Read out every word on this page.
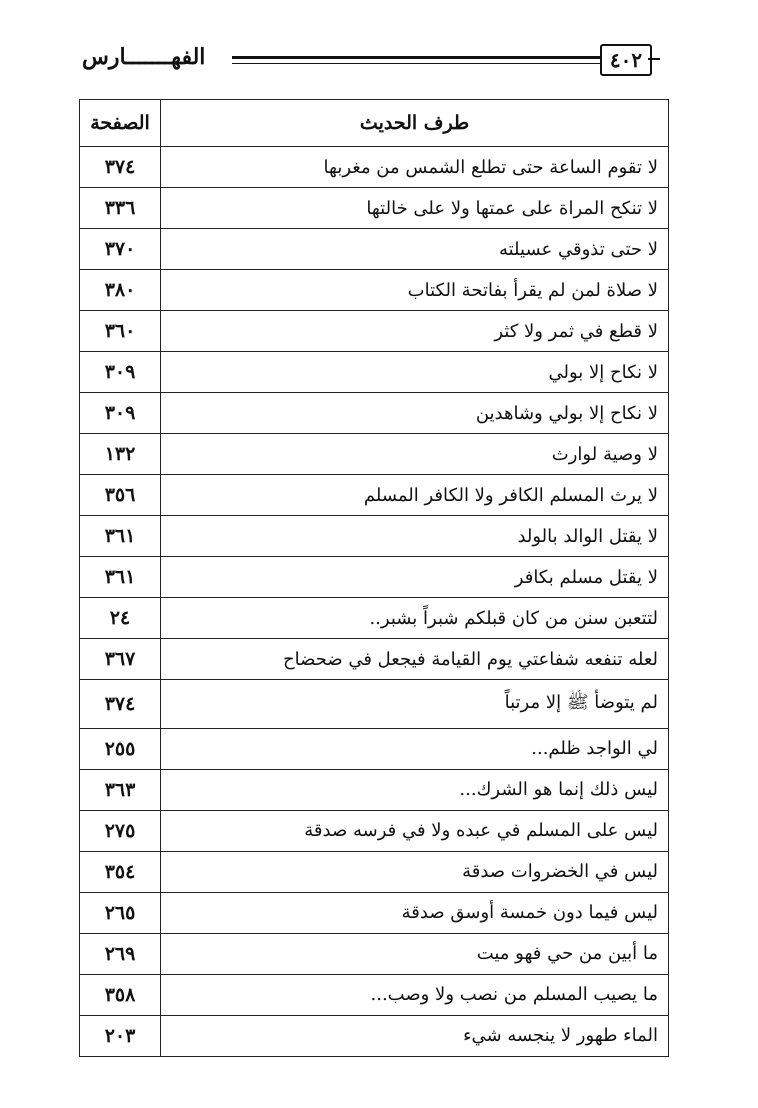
الفهـــــــارس	٤٠٢
طرف الحديث	الصفحة
لا تقوم الساعة حتى تطلع الشمس من مغربها	٣٧٤
لا تنكح المراة على عمتها ولا على خالتها	٣٣٦
لا حتى تذوقي عسيلته	٣٧٠
لا صلاة لمن لم يقرأ بفاتحة الكتاب	٣٨٠
لا قطع في ثمر ولا كثر	٣٦٠
لا نكاح إلا بولي	٣٠٩
لا نكاح إلا بولي وشاهدين	٣٠٩
لا وصية لوارث	١٣٢
لا يرث المسلم الكافر ولا الكافر المسلم	٣٥٦
لا يقتل الوالد بالولد	٣٦١
لا يقتل مسلم بكافر	٣٦١
لتتعبن سنن من كان قبلكم شبراً بشبر..	٢٤
لعله تنفعه شفاعتي يوم القيامة فيجعل في ضحضاح	٣٦٧
لم يتوضأ ﷺ إلا مرتباً	٣٧٤
لي الواجد ظلم...	٢٥٥
ليس ذلك إنما هو الشرك...	٣٦٣
ليس على المسلم في عبده ولا في فرسه صدقة	٢٧٥
ليس في الخضروات صدقة	٣٥٤
ليس فيما دون خمسة أوسق صدقة	٢٦٥
ما أبين من حي فهو ميت	٢٦٩
ما يصيب المسلم من نصب ولا وصب...	٣٥٨
الماء طهور لا ينجسه شيء	٢٠٣
